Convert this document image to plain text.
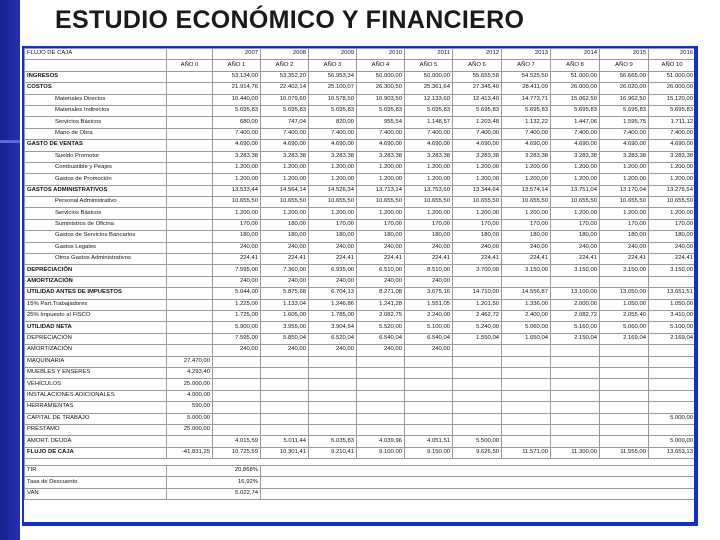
ESTUDIO ECONÓMICO Y FINANCIERO
FLUJO DE CAJA		2007	2008	2009	2010	2011	2012	2013	2014	2015	2016
	AÑO 0	AÑO 1	AÑO 2	AÑO 3	AÑO 4	AÑO 5	AÑO 6	AÑO 7	AÑO 8	AÑO 9	AÑO 10
INGRESOS		53.134,00	53.352,20	56.953,34	50.000,00	50.000,00	55.655,58	54.525,50	51.000,00	56.665,00	51.000,00
COSTOS		21.914,76	22.402,14	25.100,07	26.300,50	25.361,64	27.345,40	28.411,09	26.000,00	26.020,00	26.000,00
Materiales Directos		10.440,00	10.079,60	10.578,50	10.903,50	12.133,60	12.413,40	14.773,71	15.062,50	16.962,50	15.120,00
Materiales Indirectos		5.695,83	5.695,83	5.695,83	5.695,83	5.695,83	5.695,83	5.695,83	5.695,83	5.695,83	5.695,83
Servicios Básicos		680,00	747,04	820,00	955,54	1.148,57	1.203,48	1.132,22	1.447,06	1.595,75	1.711,12
Mano de Obra		7.400,00	7.400,00	7.400,00	7.400,00	7.400,00	7.400,00	7.400,00	7.400,00	7.400,00	7.400,00
GASTO DE VENTAS		4.690,00	4.690,00	4.690,00	4.690,00	4.690,00	4.690,00	4.690,00	4.690,00	4.690,00	4.690,00
Sueldo Promotor		3.283,38	3.283,38	3.283,38	3.283,38	3.283,38	3.283,38	3.283,38	3.283,38	3.283,38	3.283,38
Combustible y Peajes		1.200,00	1.200,00	1.200,00	1.200,00	1.200,00	1.200,00	1.200,00	1.200,00	1.200,00	1.200,00
Gastos de Promoción		1.200,00	1.200,00	1.200,00	1.200,00	1.200,00	1.200,00	1.200,00	1.200,00	1.200,00	1.200,00
GASTOS ADMINISTRATIVOS		13.533,44	14.564,14	14.526,34	13.713,14	13.753,60	13.344,64	13.574,14	13.751,04	13.170,04	13.276,54
Personal Administrativo		10.655,50	10.655,50	10.655,50	10.655,50	10.655,50	10.655,50	10.655,50	10.655,50	10.655,50	10.655,50
Servicios Básicos		1.200,00	1.200,00	1.200,00	1.200,00	1.200,00	1.200,00	1.200,00	1.200,00	1.200,00	1.200,00
Suministros de Oficina		170,00	180,00	170,00	170,00	170,00	170,00	170,00	170,00	170,00	170,00
Gastos de Servicios Bancarios		180,00	180,00	180,00	180,00	180,00	180,00	180,00	180,00	180,00	180,00
Gastos Legales		240,00	240,00	240,00	240,00	240,00	240,00	240,00	240,00	240,00	240,00
Otros Gastos Administrativos		224,41	224,41	224,41	224,41	224,41	224,41	224,41	224,41	224,41	224,41
DEPRECIACIÓN		7.595,00	7.360,00	6.935,00	6.510,00	8.510,00	3.700,00	3.150,00	3.150,00	3.150,00	3.150,00
AMORTIZACIÓN		240,00	240,00	240,00	240,00	240,00					
UTILIDAD ANTES DE IMPUESTOS		5.044,00	5.875,68	6.704,13	8.271,08	3.675,16	14.710,00	14.556,87	13.100,00	13.050,00	13.651,51
15% Part.Trabajadores		1.225,00	1.133,04	1.246,86	1.241,28	1.551,05	1.201,50	1.336,00	2.000,00	1.050,00	1.050,00
25% Impuesto al FISCO		1.725,00	1.605,00	1.785,00	2.082,75	2.240,00	2.462,72	2.400,00	2.082,72	2.055,40	3.410,00
UTILIDAD NETA		5.900,00	3.955,00	3.904,54	5.520,00	5.100,00	5.240,00	5.060,00	5.160,00	5.060,00	5.100,00
DEPRECIACIÓN		7.595,00	5.850,04	6.520,04	6.540,04	6.540,04	1.550,04	1.650,04	2.150,04	2.169,04	2.169,04
AMORTIZACIÓN		240,00	240,00	240,00	240,00	240,00					
MAQUINARIA	27.470,00										
MUEBLES Y ENSERES	4.293,40										
VEHÍCULOS	25.000,00										
INSTALACIONES ADICIONALES	4.000,00										
HERRAMIENTAS	590,00										
CAPITAL DE TRABAJO	5.000,00										5.000,00
PRÉSTAMO	25.000,00										
AMORT. DEUDA		4.015,59	5.011,44	5.035,83	4.039,96	4.051,51	5.500,00				5.000,00
FLUJO DE CAJA	-41.831,25	10.725,59	10.301,41	9.210,41	9.100,00	9.150,00	9.626,50	11.571,00	11.300,00	11.555,00	13.653,13

TIR	20,868%										
Tasa de Descuento	16,92%										
VAN	5.022,74										
